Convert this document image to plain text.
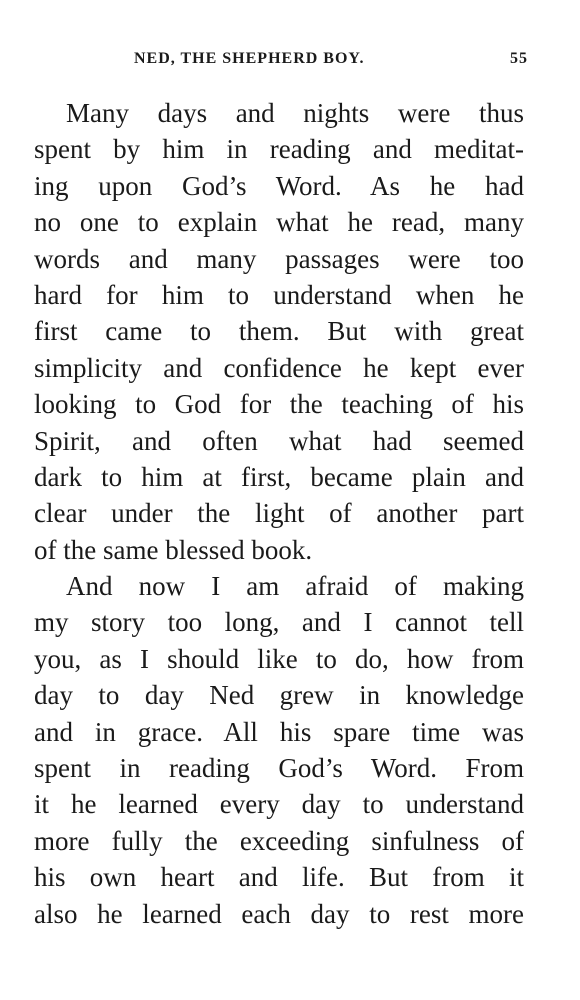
NED, THE SHEPHERD BOY.	55
Many days and nights were thus
spent by him in reading and meditat-
ing upon God’s Word. As he had
no one to explain what he read, many
words and many passages were too
hard for him to understand when he
first came to them. But with great
simplicity and confidence he kept ever
looking to God for the teaching of his
Spirit, and often what had seemed
dark to him at first, became plain and
clear under the light of another part
of the same blessed book.
And now I am afraid of making
my story too long, and I cannot tell
you, as I should like to do, how from
day to day Ned grew in knowledge
and in grace. All his spare time was
spent in reading God’s Word. From
it he learned every day to understand
more fully the exceeding sinfulness of
his own heart and life. But from it
also he learned each day to rest more
